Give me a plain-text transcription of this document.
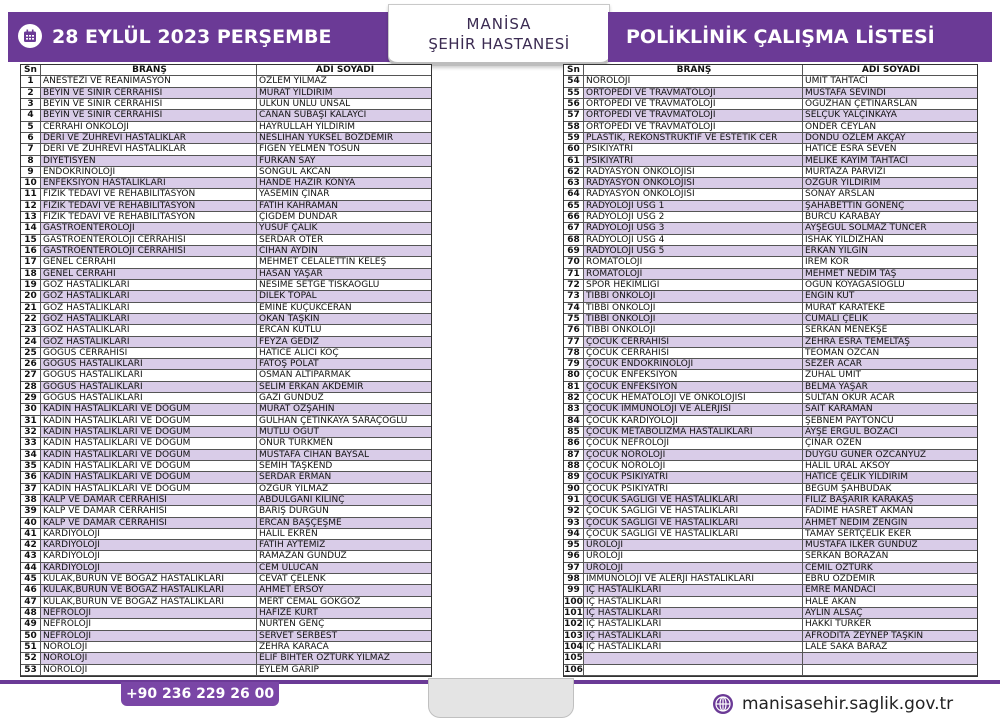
28 EYLÜL 2023 PERŞEMBE
MANİSA
ŞEHİR HASTANESİ	POLİKLİNİK ÇALIŞMA LİSTESİ
Sn	BRANŞ	ADI SOYADI
1	ANESTEZİ VE REANİMASYON	ÖZLEM YILMAZ
2	BEYİN VE SİNİR CERRAHİSİ	MURAT YILDIRIM
3	BEYİN VE SİNİR CERRAHİSİ	ÜLKÜN ÜNLÜ ÜNSAL
4	BEYİN VE SİNİR CERRAHİSİ	CANAN SUBAŞI KALAYCI
5	CERRAHİ ONKOLOJİ	HAYRULLAH YILDIRIM
6	DERİ VE ZÜHREVİ HASTALIKLAR	NESLİHAN YÜKSEL BOZDEMİR
7	DERİ VE ZÜHREVİ HASTALIKLAR	FİGEN YELMEN TOSUN
8	DİYETİSYEN	FURKAN SAY
9	ENDOKRİNOLOJİ	SONGÜL AKCAN
10 ENFEKSİYON HASTALIKLARI	HANDE HAZIR KONYA
11 FİZİK TEDAVİ VE REHABİLİTASYON	YASEMİN ÇINAR
12 FİZİK TEDAVİ VE REHABİLİTASYON	FATİH KAHRAMAN
13 FİZİK TEDAVİ VE REHABİLİTASYON	ÇİĞDEM DÜNDAR
14 GASTROENTEROLOJİ	YUSUF ÇALIK
15 GASTROENTEROLOJİ CERRAHİSİ	SERDAR ÖTER
16 GASTROENTEROLOJİ CERRAHİSİ	CİHAN AYDIN
17 GENEL CERRAHİ	MEHMET CELALETTİN KELEŞ
18 GENEL CERRAHİ	HASAN YAŞAR
19 GÖZ HASTALIKLARI	NESİME SETGE TISKAOĞLU
20 GÖZ HASTALIKLARI	DİLEK TOPAL
21 GÖZ HASTALIKLARI	EMİNE KÜÇÜKCERAN
22 GÖZ HASTALIKLARI	OKAN TAŞKIN
23 GÖZ HASTALIKLARI	ERCAN KUTLU
24 GÖZ HASTALIKLARI	FEYZA GEDİZ
25 GÖĞÜS CERRAHİSİ	HATİCE ALICI KOÇ
26 GÖĞÜS HASTALIKLARI	FATOŞ POLAT
27 GÖĞÜS HASTALIKLARI	OSMAN ALTIPARMAK
28 GÖĞÜS HASTALIKLARI	SELİM ERKAN AKDEMİR
29 GÖĞÜS HASTALIKLARI	GAZİ GÜNDÜZ
30 KADIN HASTALIKLARI VE DOĞUM	MURAT ÖZŞAHİN
31 KADIN HASTALIKLARI VE DOĞUM	GÜLHAN ÇETİNKAYA SARAÇOĞLU
32 KADIN HASTALIKLARI VE DOĞUM	MUTLU ÖĞÜT
33 KADIN HASTALIKLARI VE DOĞUM	ONUR TÜRKMEN
34 KADIN HASTALIKLARI VE DOĞUM	MUSTAFA CİHAN BAYSAL
35 KADIN HASTALIKLARI VE DOĞUM	SEMİH TAŞKEND
36 KADIN HASTALIKLARI VE DOĞUM	SERDAR ERMAN
37 KADIN HASTALIKLARI VE DOĞUM	ÖZGÜR YILMAZ
38 KALP VE DAMAR CERRAHİSİ	ABDULGANİ KILINÇ
39 KALP VE DAMAR CERRAHİSİ	BARIŞ DURGUN
40 KALP VE DAMAR CERRAHİSİ	ERCAN BAŞÇEŞME
41 KARDİYOLOJİ	HALİL EKREN
42 KARDİYOLOJİ	FATİH AYTEMİZ
43 KARDİYOLOJİ	RAMAZAN GÜNDÜZ
44 KARDİYOLOJİ	CEM ULUCAN
45 KULAK,BURUN VE BOĞAZ HASTALIKLARI	CEVAT ÇELENK
46 KULAK,BURUN VE BOĞAZ HASTALIKLARI	AHMET ERSOY
47 KULAK,BURUN VE BOĞAZ HASTALIKLARI	MERT CEMAL GÖKGÖZ
48 NEFROLOJİ	HAFİZE KURT
49 NEFROLOJİ	NURTEN GENÇ
50 NEFROLOJİ	SERVET SERBEST
51 NÖROLOJİ	ZEHRA KARACA
52 NÖROLOJİ	ELİF BİHTER ÖZTÜRK YILMAZ
53 NÖROLOJİ	EYLEM GARİP
Sn	BRANŞ	ADI SOYADI
54 NÖROLOJİ	ÜMİT TAHTACI
55 ORTOPEDİ VE TRAVMATOLOJİ	MUSTAFA SEVİNDİ
56 ORTOPEDİ VE TRAVMATOLOJİ	OĞUZHAN ÇETİNARSLAN
57 ORTOPEDİ VE TRAVMATOLOJİ	SELÇUK YALÇINKAYA
58 ORTOPEDİ VE TRAVMATOLOJİ	ÖNDER CEYLAN
59 PLASTİK, REKONSTRÜKTİF VE ESTETİK CER	DÖNDÜ ÖZLEM AKÇAY
60 PSİKİYATRİ	HATİCE ESRA SEVEN
61 PSİKİYATRİ	MELİKE KAYIM TAHTACI
62 RADYASYON ONKOLOJİSİ	MURTAZA PARVİZİ
63 RADYASYON ONKOLOJİSİ	ÖZGÜR YILDIRIM
64 RADYASYON ONKOLOJİSİ	SONAY ARSLAN
65 RADYOLOJİ USG 1	ŞAHABETTİN GÖNENÇ
66 RADYOLOJİ USG 2	BURCU KARABAY
67 RADYOLOJİ USG 3	AYŞEGÜL SOLMAZ TUNCER
68 RADYOLOJİ USG 4	İSHAK YILDIZHAN
69 RADYOLOJİ USG 5	ERKAN YILGIN
70 ROMATOLOJİ	İREM KOR
71 ROMATOLOJİ	MEHMET NEDİM TAŞ
72 SPOR HEKİMLİĞİ	OĞUN KÖYAĞASIOĞLU
73 TIBBİ ONKOLOJİ	ENGİN KUT
74 TIBBİ ONKOLOJİ	MURAT KARATEKE
75 TIBBİ ONKOLOJİ	CUMALİ ÇELİK
76 TIBBİ ONKOLOJİ	SERKAN MENEKŞE
77 ÇOCUK CERRAHİSİ	ZEHRA ESRA TEMELTAŞ
78 ÇOCUK CERRAHİSİ	TEOMAN ÖZCAN
79 ÇOCUK ENDOKRİNOLOJİ	SEZER ACAR
80 ÇOCUK ENFEKSİYON	ZÜHAL ÜMİT
81 ÇOCUK ENFEKSİYON	BELMA YAŞAR
82 ÇOCUK HEMATOLOJİ VE ONKOLOJİSİ	SULTAN OKUR ACAR
83 ÇOCUK İMMÜNOLOJİ VE ALERJİSİ	SAİT KARAMAN
84 ÇOCUK KARDİYOLOJİ	ŞEBNEM PAYTONCU
85 ÇOCUK METABOLİZMA HASTALIKLARI	AYŞE ERGÜL BOZACI
86 ÇOCUK NEFROLOJİ	ÇINAR ÖZEN
87 ÇOCUK NÖROLOJİ	DUYGU GÜNER ÖZCANYÜZ
88 ÇOCUK NÖROLOJİ	HALİL URAL AKSOY
89 ÇOCUK PSİKİYATRİ	HATİCE ÇELİK YILDIRIM
90 ÇOCUK PSİKİYATRİ	BEGÜM ŞAHBUDAK
91 ÇOCUK SAĞLIĞI VE HASTALIKLARI	FİLİZ BAŞARIR KARAKAŞ
92 ÇOCUK SAĞLIĞI VE HASTALIKLARI	FADİME HASRET AKMAN
93 ÇOCUK SAĞLIĞI VE HASTALIKLARI	AHMET NEDİM ZENGİN
94 ÇOCUK SAĞLIĞI VE HASTALIKLARI	TAMAY SERTÇELİK EKER
95 ÜROLOJİ	MUSTAFA İLKER GÜNDÜZ
96 ÜROLOJİ	SERKAN BORAZAN
97 ÜROLOJİ	CEMİL ÖZTÜRK
98 İMMUNOLOJİ VE ALERJİ HASTALIKLARI	EBRU ÖZDEMİR
99 İÇ HASTALIKLARI	EMRE MANDACI
100 İÇ HASTALIKLARI	HALE AKAN
101 İÇ HASTALIKLARI	AYLİN ALSAÇ
102 İÇ HASTALIKLARI	HAKKI TÜRKER
103 İÇ HASTALIKLARI	AFRODİTA ZEYNEP TAŞKIN
104 İÇ HASTALIKLARI	LALE SAKA BARAZ
105
106
+90 236 229 26 00	manisasehir.saglik.gov.tr
